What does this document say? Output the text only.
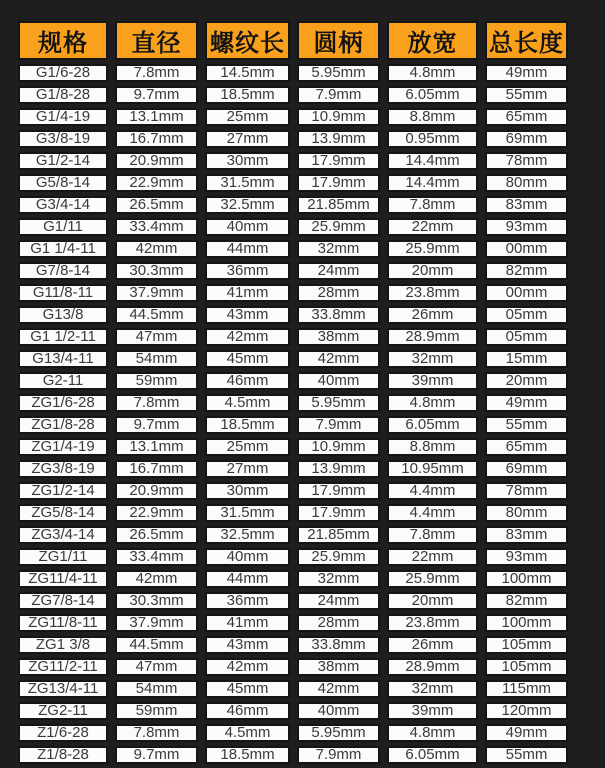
规格	直径	螺纹长	圆柄	放宽	总长度
G1/6-28	7.8mm	14.5mm	5.95mm	4.8mm	49mm
G1/8-28	9.7mm	18.5mm	7.9mm	6.05mm	55mm
G1/4-19	13.1mm	25mm	10.9mm	8.8mm	65mm
G3/8-19	16.7mm	27mm	13.9mm	0.95mm	69mm
G1/2-14	20.9mm	30mm	17.9mm	14.4mm	78mm
G5/8-14	22.9mm	31.5mm	17.9mm	14.4mm	80mm
G3/4-14	26.5mm	32.5mm	21.85mm	7.8mm	83mm
G1/11	33.4mm	40mm	25.9mm	22mm	93mm
G1 1/4-11	42mm	44mm	32mm	25.9mm	00mm
G7/8-14	30.3mm	36mm	24mm	20mm	82mm
G11/8-11	37.9mm	41mm	28mm	23.8mm	00mm
G13/8	44.5mm	43mm	33.8mm	26mm	05mm
G1 1/2-11	47mm	42mm	38mm	28.9mm	05mm
G13/4-11	54mm	45mm	42mm	32mm	15mm
G2-11	59mm	46mm	40mm	39mm	20mm
ZG1/6-28	7.8mm	4.5mm	5.95mm	4.8mm	49mm
ZG1/8-28	9.7mm	18.5mm	7.9mm	6.05mm	55mm
ZG1/4-19	13.1mm	25mm	10.9mm	8.8mm	65mm
ZG3/8-19	16.7mm	27mm	13.9mm	10.95mm	69mm
ZG1/2-14	20.9mm	30mm	17.9mm	4.4mm	78mm
ZG5/8-14	22.9mm	31.5mm	17.9mm	4.4mm	80mm
ZG3/4-14	26.5mm	32.5mm	21.85mm	7.8mm	83mm
ZG1/11	33.4mm	40mm	25.9mm	22mm	93mm
ZG11/4-11	42mm	44mm	32mm	25.9mm	100mm
ZG7/8-14	30.3mm	36mm	24mm	20mm	82mm
ZG11/8-11	37.9mm	41mm	28mm	23.8mm	100mm
ZG1 3/8	44.5mm	43mm	33.8mm	26mm	105mm
ZG11/2-11	47mm	42mm	38mm	28.9mm	105mm
ZG13/4-11	54mm	45mm	42mm	32mm	115mm
ZG2-11	59mm	46mm	40mm	39mm	120mm
Z1/6-28	7.8mm	4.5mm	5.95mm	4.8mm	49mm
Z1/8-28	9.7mm	18.5mm	7.9mm	6.05mm	55mm
